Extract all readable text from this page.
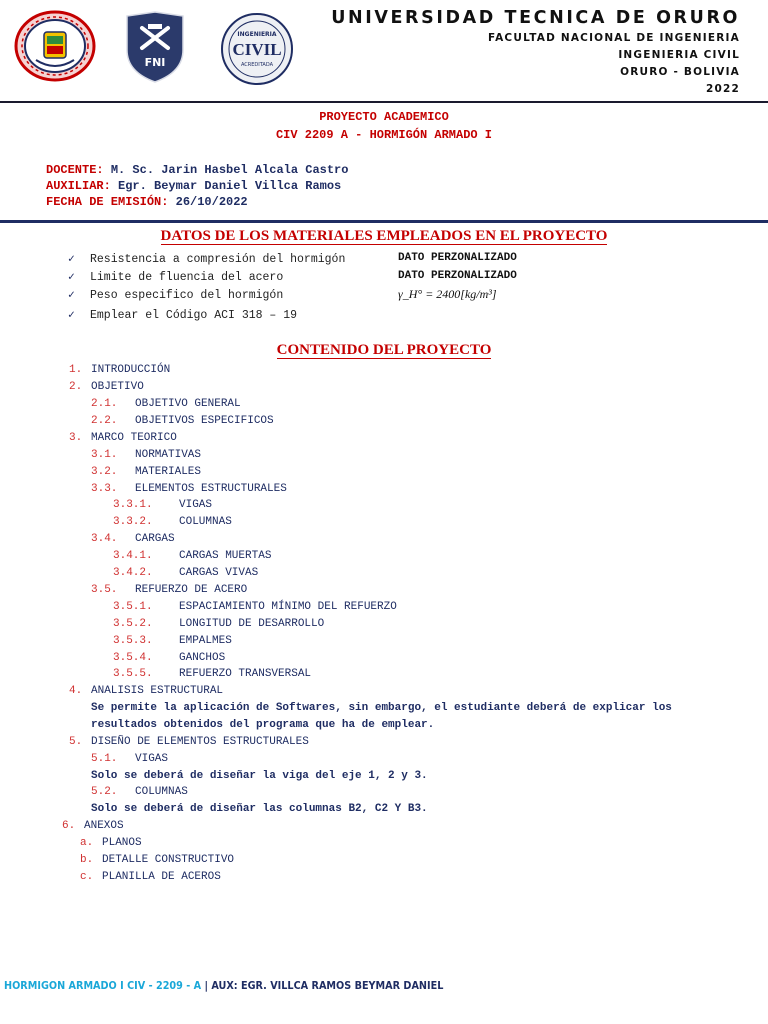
FNI
INGENIERIA
CIVIL
ACREDITADA
UNIVERSIDAD TECNICA DE ORURO
FACULTAD NACIONAL DE INGENIERIA
INGENIERIA CIVIL
ORURO - BOLIVIA
2022
PROYECTO ACADEMICO
CIV 2209 A - HORMIGÓN ARMADO I
DOCENTE: M. Sc. Jarin Hasbel Alcala Castro
AUXILIAR: Egr. Beymar Daniel Villca Ramos
FECHA DE EMISIÓN: 26/10/2022
DATOS DE LOS MATERIALES EMPLEADOS EN EL PROYECTO
✓ Resistencia a compresión del hormigón	DATO PERZONALIZADO
✓ Limite de fluencia del acero	DATO PERZONALIZADO
✓ Peso especifico del hormigón	γ_H° = 2400[kg/m³]
✓ Emplear el Código ACI 318 – 19
CONTENIDO DEL PROYECTO
1. INTRODUCCIÓN
2. OBJETIVO
2.1. OBJETIVO GENERAL
2.2. OBJETIVOS ESPECIFICOS
3. MARCO TEORICO
3.1. NORMATIVAS
3.2. MATERIALES
3.3. ELEMENTOS ESTRUCTURALES
3.3.1. VIGAS
3.3.2. COLUMNAS
3.4. CARGAS
3.4.1. CARGAS MUERTAS
3.4.2. CARGAS VIVAS
3.5. REFUERZO DE ACERO
3.5.1. ESPACIAMIENTO MÍNIMO DEL REFUERZO
3.5.2. LONGITUD DE DESARROLLO
3.5.3. EMPALMES
3.5.4. GANCHOS
3.5.5. REFUERZO TRANSVERSAL
4. ANALISIS ESTRUCTURAL
5. DISEÑO DE ELEMENTOS ESTRUCTURALES
5.1. VIGAS
5.2. COLUMNAS
6. ANEXOS
a. PLANOS
b. DETALLE CONSTRUCTIVO
c. PLANILLA DE ACEROS
Se permite la aplicación de Softwares, sin embargo, el estudiante deberá de explicar los resultados obtenidos del programa que ha de emplear.
Solo se deberá de diseñar la viga del eje 1, 2 y 3.
Solo se deberá de diseñar las columnas B2, C2 Y B3.
HORMIGON ARMADO I CIV - 2209 - A | AUX: EGR. VILLCA RAMOS BEYMAR DANIEL
